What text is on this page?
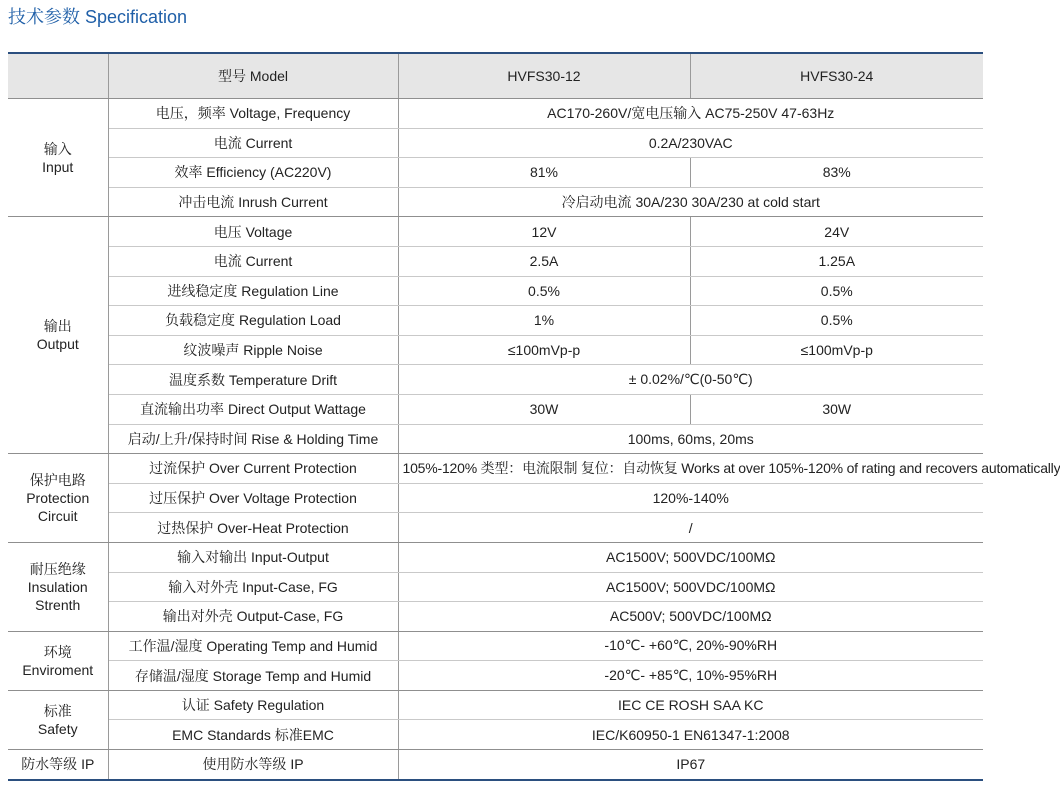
技术参数 Specification
	型号 Model	HVFS30-12	HVFS30-24

输入
Input	电压，频率 Voltage, Frequency	AC170-260V/宽电压输入 AC75-250V 47-63Hz	
	电流 Current	0.2A/230VAC	
	效率 Efficiency (AC220V)	81%	83%
	冲击电流 Inrush Current	冷启动电流 30A/230 30A/230 at cold start	

输出
Output	电压 Voltage	12V	24V
	电流 Current	2.5A	1.25A
	进线稳定度 Regulation Line	0.5%	0.5%
	负载稳定度 Regulation Load	1%	0.5%
	纹波噪声 Ripple Noise	≤100mVp-p	≤100mVp-p
	温度系数 Temperature Drift	± 0.02%/℃(0-50℃)	
	直流输出功率 Direct Output Wattage	30W	30W
	启动/上升/保持时间 Rise & Holding Time	100ms, 60ms, 20ms	

保护电路
Protection
Circuit	过流保护 Over Current Protection	105%-120% 类型：电流限制 复位：自动恢复 Works at over 105%-120% of rating and recovers automatically	
	过压保护 Over Voltage Protection	120%-140%	
	过热保护 Over-Heat Protection	/	

耐压绝缘
Insulation
Strenth	输入对输出 Input-Output	AC1500V; 500VDC/100MΩ	
	输入对外壳 Input-Case, FG	AC1500V; 500VDC/100MΩ	
	输出对外壳 Output-Case, FG	AC500V; 500VDC/100MΩ	

环境
Enviroment	工作温/湿度 Operating Temp and Humid	-10℃- +60℃, 20%-90%RH	
	存储温/湿度 Storage Temp and Humid	-20℃- +85℃, 10%-95%RH	

标准
Safety	认证 Safety Regulation	IEC CE ROSH SAA KC	
	EMC Standards 标准EMC	IEC/K60950-1 EN61347-1:2008	

防水等级 IP	使用防水等级 IP	IP67	
